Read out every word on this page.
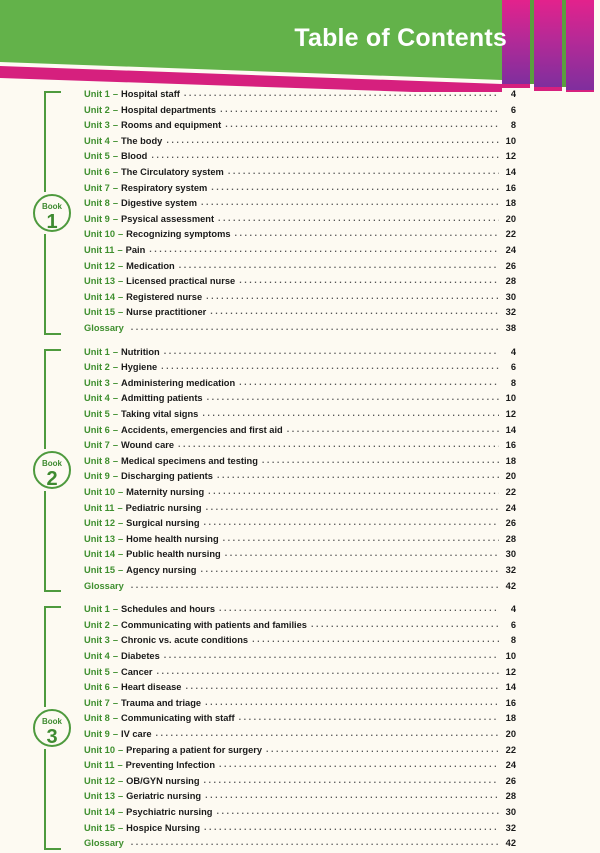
Table of Contents
Book
1
Unit 1 – Hospital staff . . .	4
Unit 2 – Hospital departments . . .	6
Unit 3 – Rooms and equipment . . .	8
Unit 4 – The body . . .	10
Unit 5 – Blood . . .	12
Unit 6 – The Circulatory system . . .	14
Unit 7 – Respiratory system . . .	16
Unit 8 – Digestive system . . .	18
Unit 9 – Psysical assessment . . .	20
Unit 10 – Recognizing symptoms . . .	22
Unit 11 – Pain . . .	24
Unit 12 – Medication . . .	26
Unit 13 – Licensed practical nurse . . .	28
Unit 14 – Registered nurse . . .	30
Unit 15 – Nurse practitioner . . .	32
Glossary . . .	38
Book
2
Unit 1 – Nutrition . . .	4
Unit 2 – Hygiene . . .	6
Unit 3 – Administering medication . . .	8
Unit 4 – Admitting patients . . .	10
Unit 5 – Taking vital signs . . .	12
Unit 6 – Accidents, emergencies and first aid . . .	14
Unit 7 – Wound care . . .	16
Unit 8 – Medical specimens and testing . . .	18
Unit 9 – Discharging patients . . .	20
Unit 10 – Maternity nursing . . .	22
Unit 11 – Pediatric nursing . . .	24
Unit 12 – Surgical nursing . . .	26
Unit 13 – Home health nursing . . .	28
Unit 14 – Public health nursing . . .	30
Unit 15 – Agency nursing . . .	32
Glossary . . .	42
Book
3
Unit 1 – Schedules and hours . . .	4
Unit 2 – Communicating with patients and families . . .	6
Unit 3 – Chronic vs. acute conditions . . .	8
Unit 4 – Diabetes . . .	10
Unit 5 – Cancer . . .	12
Unit 6 – Heart disease . . .	14
Unit 7 – Trauma and triage . . .	16
Unit 8 – Communicating with staff . . .	18
Unit 9 – IV care . . .	20
Unit 10 – Preparing a patient for surgery . . .	22
Unit 11 – Preventing Infection . . .	24
Unit 12 – OB/GYN nursing . . .	26
Unit 13 – Geriatric nursing . . .	28
Unit 14 – Psychiatric nursing . . .	30
Unit 15 – Hospice Nursing . . .	32
Glossary . . .	42
